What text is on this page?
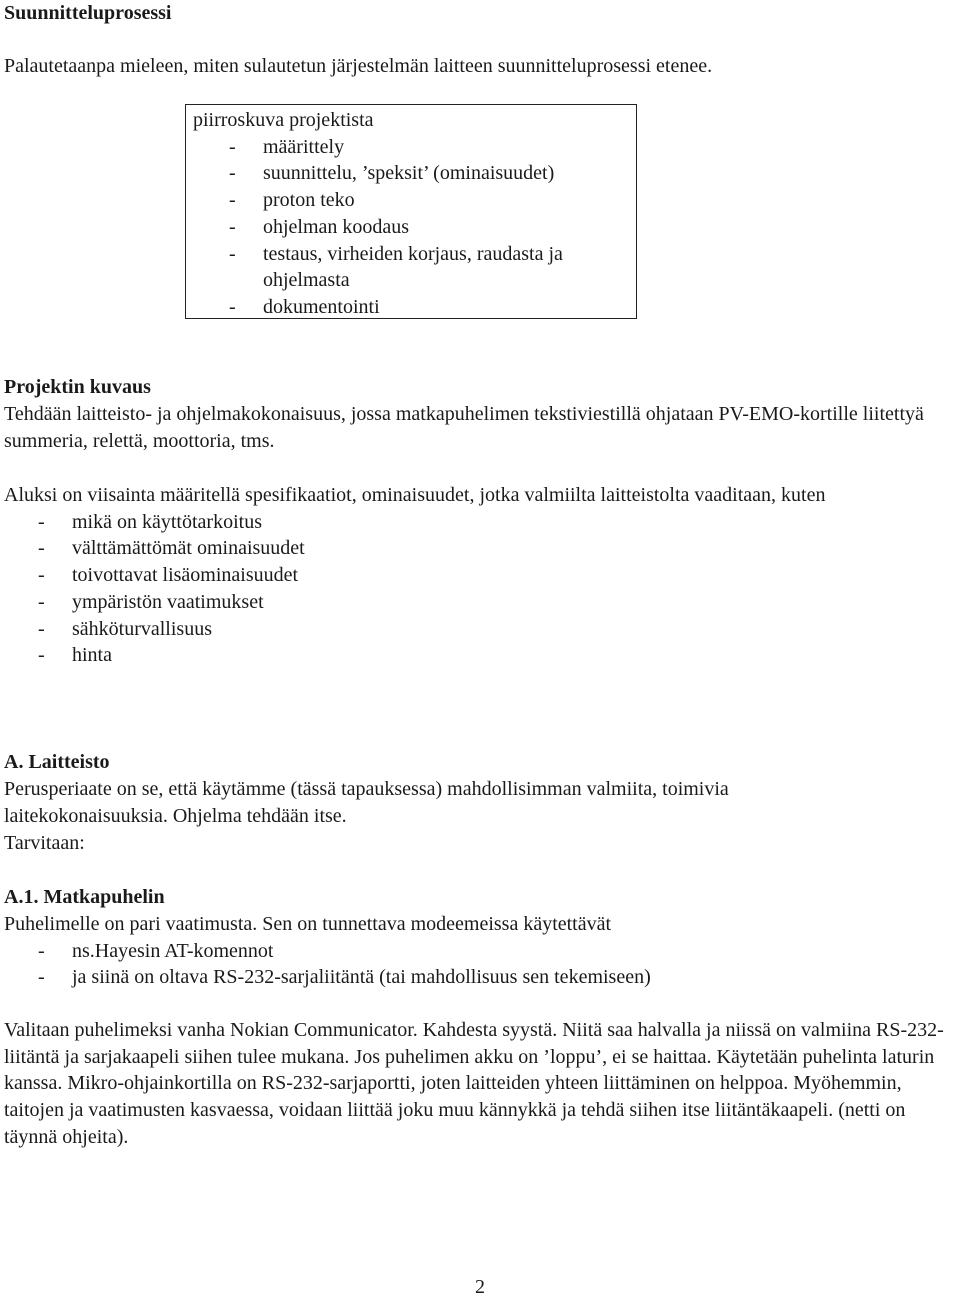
Suunnitteluprosessi

Palautetaanpa mieleen, miten sulautetun järjestelmän laitteen suunnitteluprosessi etenee.

piirroskuva projektista
- määrittely
- suunnittelu, ’speksit’ (ominaisuudet)
- proton teko
- ohjelman koodaus
- testaus, virheiden korjaus, raudasta ja ohjelmasta
- dokumentointi
Projektin kuvaus

Tehdään laitteisto- ja ohjelmakokonaisuus, jossa matkapuhelimen tekstiviestillä ohjataan PV-EMO-kortille liitettyä summeria, relettä, moottoria, tms.

Aluksi on viisainta määritellä spesifikaatiot, ominaisuudet, jotka valmiilta laitteistolta vaaditaan, kuten

- mikä on käyttötarkoitus
- välttämättömät ominaisuudet
- toivottavat lisäominaisuudet
- ympäristön vaatimukset
- sähköturvallisuus
- hinta
A. Laitteisto

Perusperiaate on se, että käytämme (tässä tapauksessa) mahdollisimman valmiita, toimivia laitekokonaisuuksia. Ohjelma tehdään itse.

Tarvitaan:
A.1. Matkapuhelin

Puhelimelle on pari vaatimusta. Sen on tunnettava modeemeissa käytettävät

- ns.Hayesin AT-komennot
- ja siinä on oltava RS-232-sarjaliitäntä (tai mahdollisuus sen tekemiseen)

Valitaan puhelimeksi vanha Nokian Communicator. Kahdesta syystä. Niitä saa halvalla ja niissä on valmiina RS-232-liitäntä ja sarjakaapeli siihen tulee mukana. Jos puhelimen akku on ’loppu’, ei se haittaa. Käytetään puhelinta laturin kanssa. Mikro-ohjainkortilla on RS-232-sarjaportti, joten laitteiden yhteen liittäminen on helppoa. Myöhemmin, taitojen ja vaatimusten kasvaessa, voidaan liittää joku muu kännykkä ja tehdä siihen itse liitäntäkaapeli. (netti on täynnä ohjeita).

2
